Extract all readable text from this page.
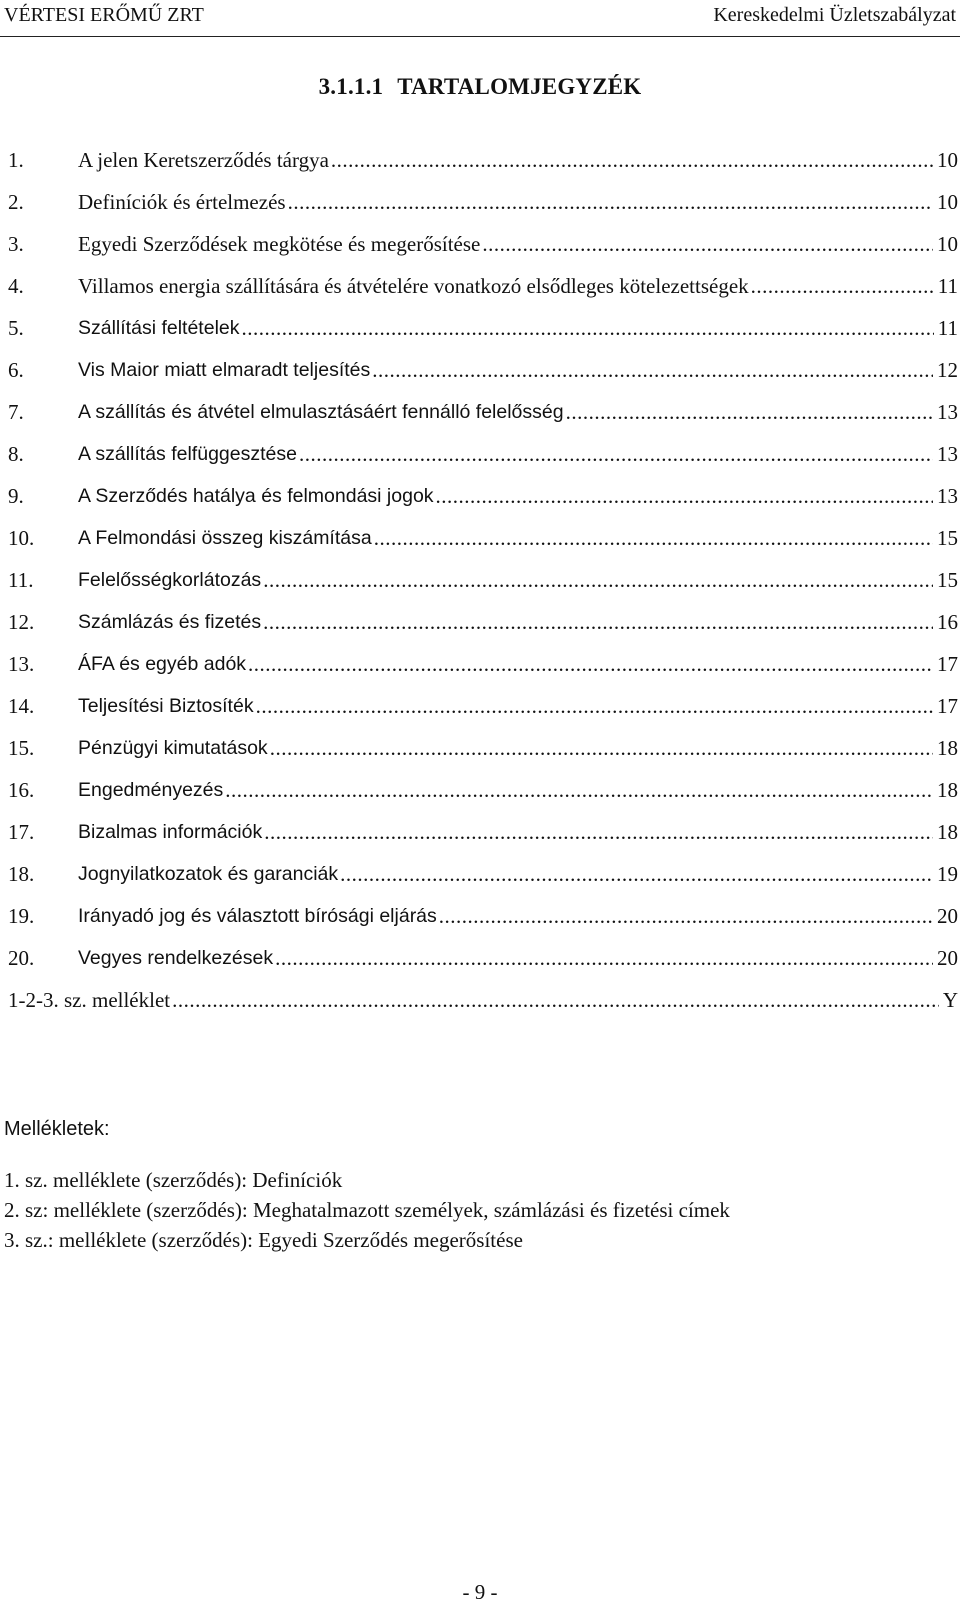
VÉRTESI ERŐMŰ ZRT	Kereskedelmi Üzletszabályzat
3.1.1.1 TARTALOMJEGYZÉK
1.	A jelen Keretszerződés tárgya .....	10
2.	Definíciók és értelmezés .....	10
3.	Egyedi Szerződések megkötése és megerősítése .....	10
4.	Villamos energia szállítására és átvételére vonatkozó elsődleges kötelezettségek .....	11
5.	Szállítási feltételek .....	11
6.	Vis Maior miatt elmaradt teljesítés .....	12
7.	A szállítás és átvétel elmulasztásáért fennálló felelősség .....	13
8.	A szállítás felfüggesztése .....	13
9.	A Szerződés hatálya és felmondási jogok .....	13
10.	A Felmondási összeg kiszámítása .....	15
11.	Felelősségkorlátozás .....	15
12.	Számlázás és fizetés .....	16
13.	ÁFA és egyéb adók .....	17
14.	Teljesítési Biztosíték .....	17
15.	Pénzügyi kimutatások .....	18
16.	Engedményezés .....	18
17.	Bizalmas információk .....	18
18.	Jognyilatkozatok és garanciák .....	19
19.	Irányadó jog és választott bírósági eljárás .....	20
20.	Vegyes rendelkezések .....	20
1-2-3. sz. melléklet .....	Y
Mellékletek:
1. sz. melléklete (szerződés): Definíciók
2. sz: melléklete (szerződés): Meghatalmazott személyek, számlázási és fizetési címek
3. sz.: melléklete (szerződés): Egyedi Szerződés megerősítése
- 9 -
